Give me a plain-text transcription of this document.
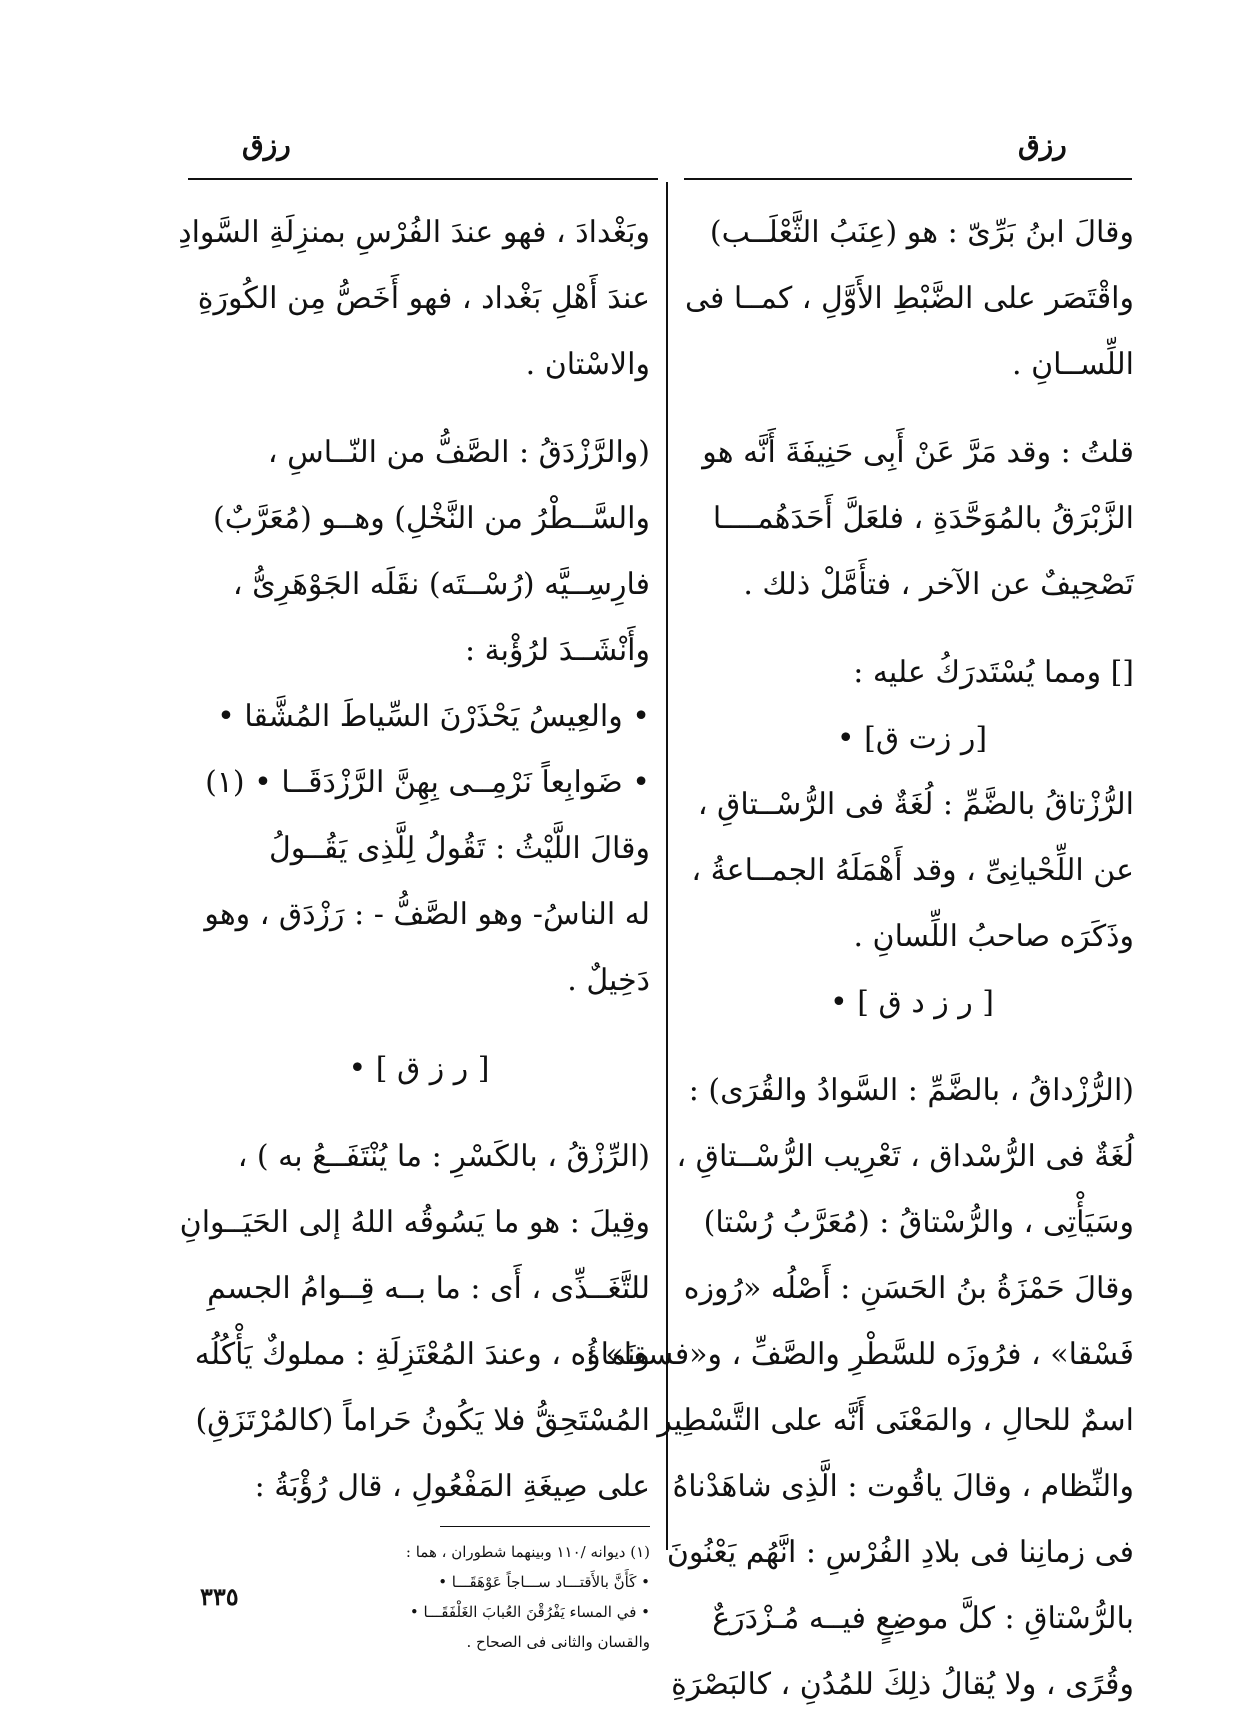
رزق	رزق
وقالَ ابنُ بَرِّىّ : هو (عِنَبُ الثَّعْلَــب)
واقْتَصَر على الضَّبْطِ الأَوَّلِ ، كمــا فى
اللِّســانِ .
قلتُ : وقد مَرَّ عَنْ أَبِى حَنِيفَةَ أَنَّه هو
الزَّبْرَقُ بالمُوَحَّدَةِ ، فلعَلَّ أَحَدَهُمــــا
تَصْحِيفٌ عن الآخر ، فتأَمَّلْ ذلك .
[] ومما يُسْتَدرَكُ عليه :
[ر زت ق] •
الرُّزْتاقُ بالضَّمِّ : لُغَةٌ فى الرُّسْــتاقِ ،
عن اللِّحْيانِىِّ ، وقد أَهْمَلَهُ الجمــاعةُ ،
وذَكَرَه صاحبُ اللِّسانِ .
[ ر ز د ق ] •
(الرُّزْداقُ ، بالضَّمِّ : السَّوادُ والقُرَى) :
لُغَةٌ فى الرُّسْداق ، تَعْرِيب الرُّسْــتاقِ ،
وسَيَأْتِى ، والرُّسْتاقُ : (مُعَرَّبُ رُسْتا)
وقالَ حَمْزَةُ بنُ الحَسَنِ : أَصْلُه «رُوزه
فَسْقا» ، فرُوزَه للسَّطْرِ والصَّفِّ ، و«فسقا» :
اسمٌ للحالِ ، والمَعْنَى أَنَّه على التَّسْطِير
والنِّظام ، وقالَ ياقُوت : الَّذِى شاهَدْناهُ
فى زمانِنا فى بلادِ الفُرْسِ : انَّهُم يَعْنُونَ
بالرُّسْتاقِ : كلَّ موضِعٍ فيــه مُـزْدَرَعٌ
وقُرًى ، ولا يُقالُ ذلِكَ للمُدُنِ ، كالبَصْرَةِ
وبَغْدادَ ، فهو عندَ الفُرْسِ بمنزِلَةِ السَّوادِ
عندَ أَهْلِ بَغْداد ، فهو أَخَصُّ مِن الكُورَةِ
والاسْتان .
(والرَّزْدَقُ : الصَّفُّ من النّــاسِ ،
والسَّــطْرُ من النَّخْلِ) وهــو (مُعَرَّبٌ)
فارِسِــيَّه (رُسْــتَه) نقَلَه الجَوْهَرِىُّ ،
وأَنْشَــدَ لرُؤْبة :
• والعِيسُ يَحْذَرْنَ السِّياطَ المُشَّقا •
• ضَوابِعاً نَرْمِــى بِهِنَّ الرَّزْدَقَــا • (١)
وقالَ اللَّيْثُ : تَقُولُ لِلَّذِى يَقُــولُ
له الناسُ- وهو الصَّفُّ - : رَزْدَق ، وهو
دَخِيلٌ .
[ ر ز ق ] •
(الرِّزْقُ ، بالكَسْرِ : ما يُنْتَفَــعُ به ) ،
وقِيلَ : هو ما يَسُوقُه اللهُ إلى الحَيَــوانِ
للتَّغَــذِّى ، أَى : ما بــه قِــوامُ الجسمِ
ونَماؤُه ، وعندَ المُعْتَزِلَةِ : مملوكٌ يَأْكُلُه
المُسْتَحِقُّ فلا يَكُونُ حَراماً (كالمُرْتَزَقِ)
على صِيغَةِ المَفْعُولِ ، قال رُؤْبَةُ :
(١) ديوانه /١١٠ وبينهما شطوران ، هما :
• كَأَنَّ بالأَقتـــاد ســـاجاً عَوْهَقَـــا •
• في المساء يَفْرُقْنَ العُبابَ الغَلْفَقَـــا •
والقسان والثانى فى الصحاح .
٣٣٥
